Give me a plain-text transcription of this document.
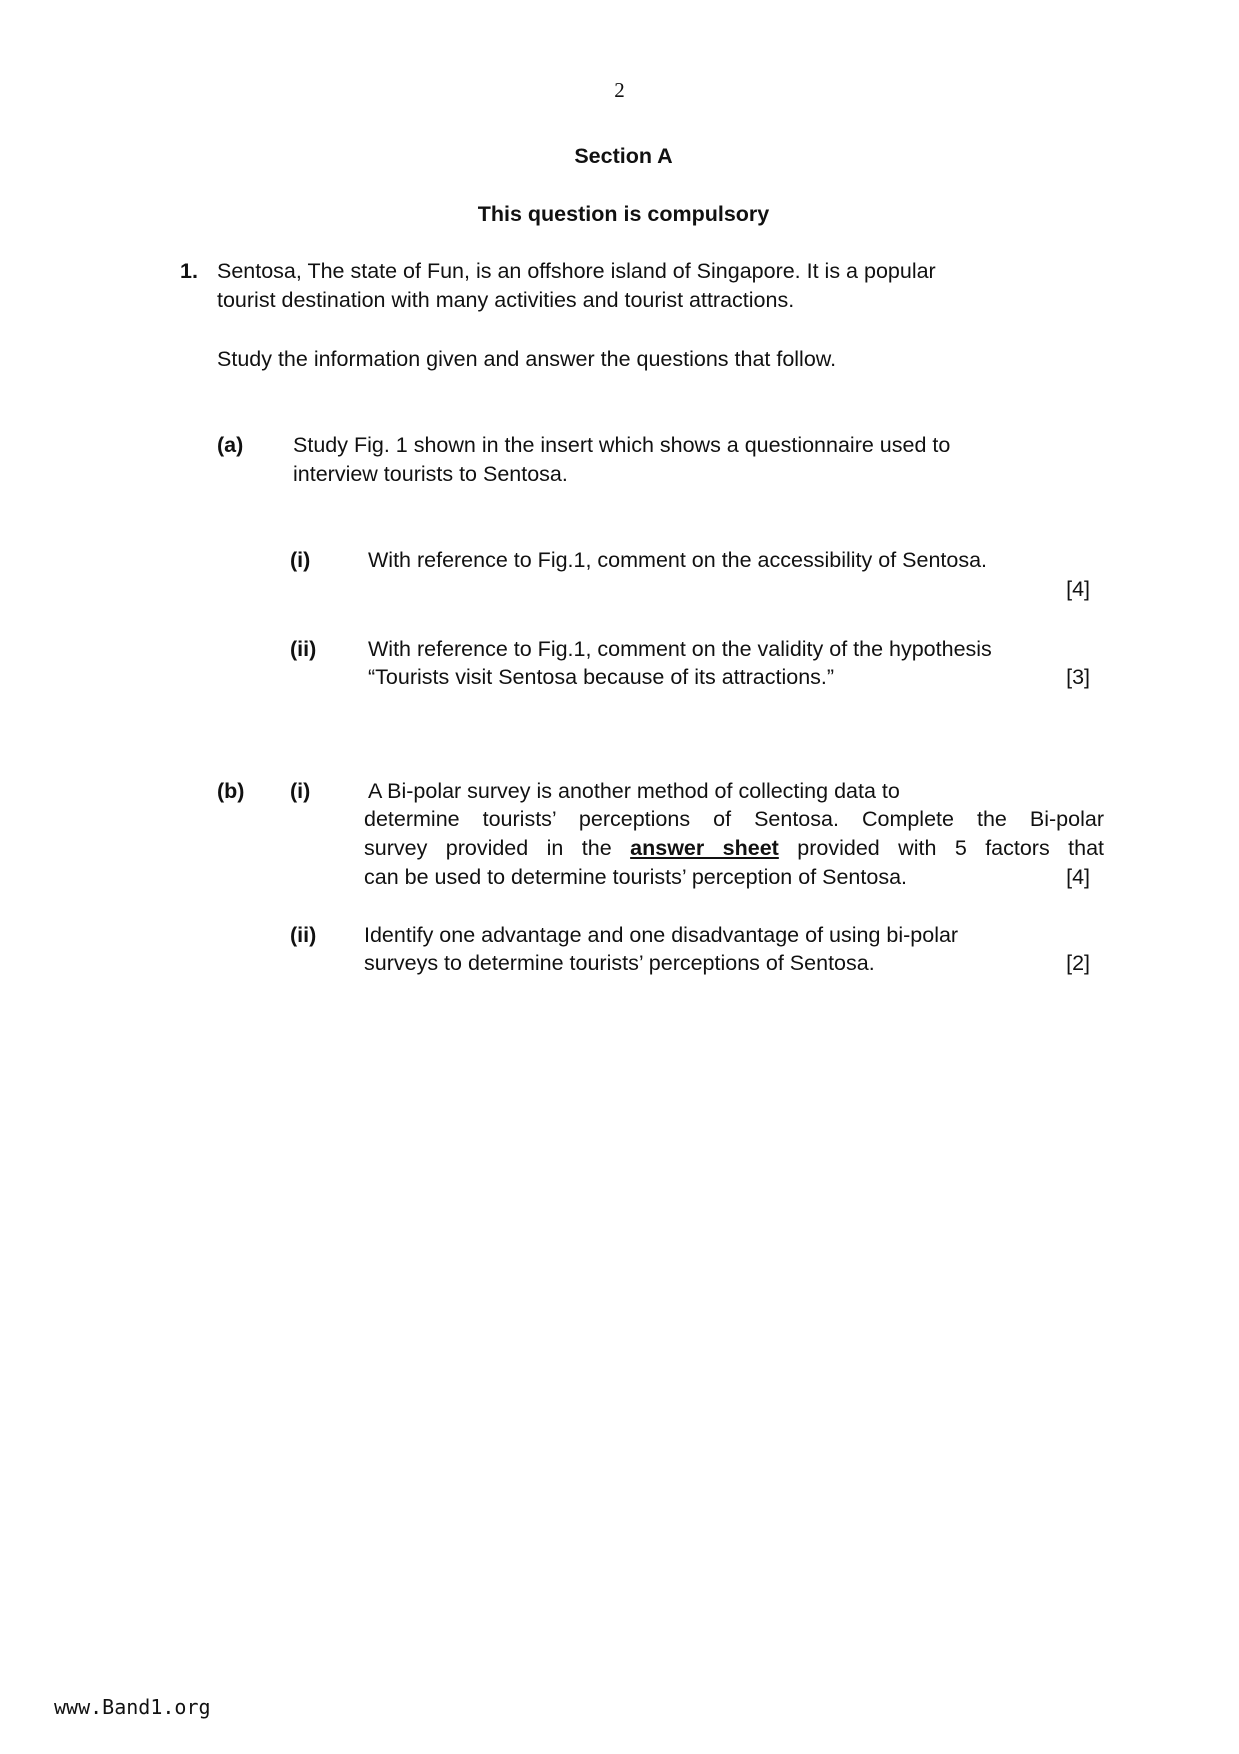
2
Section A
This question is compulsory
1. Sentosa, The state of Fun, is an offshore island of Singapore. It is a popular
tourist destination with many activities and tourist attractions.
Study the information given and answer the questions that follow.
(a) Study Fig. 1 shown in the insert which shows a questionnaire used to
interview tourists to Sentosa.
(i)	With reference to Fig.1, comment on the accessibility of Sentosa.
[4]
(ii) With reference to Fig.1, comment on the validity of the hypothesis
“Tourists visit Sentosa because of its attractions.”	[3]
(b) (i)	A Bi-polar survey is another method of collecting data to
determine tourists’ perceptions of Sentosa. Complete the Bi-polar
survey provided in the answer sheet provided with 5 factors that
can be used to determine tourists’ perception of Sentosa.	[4]
(ii) Identify one advantage and one disadvantage of using bi-polar
surveys to determine tourists’ perceptions of Sentosa.	[2]
www.Band1.org
